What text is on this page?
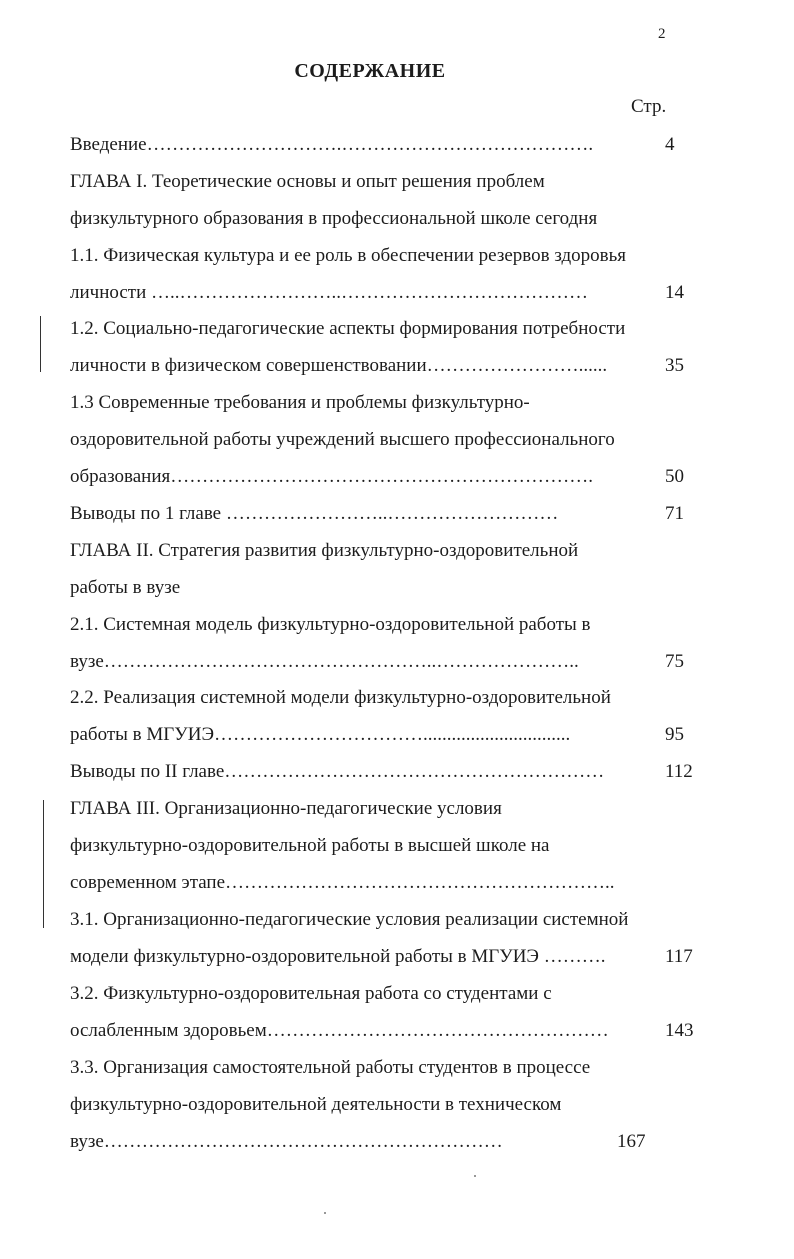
2
СОДЕРЖАНИЕ
Стр.
Введение………………………….………………………………….	4
ГЛАВА I. Теоретические основы и опыт решения проблем
физкультурного образования в профессиональной школе сегодня
1.1. Физическая культура и ее роль в обеспечении резервов здоровья
личности …..……………………..…………………………………	14
1.2. Социально-педагогические аспекты формирования потребности
личности в физическом совершенствовании……………………......	35
1.3 Современные требования и проблемы физкультурно-
оздоровительной работы учреждений высшего профессионального
образования………………………………………………………….	50
Выводы по 1 главе ……………………..………………………	71
ГЛАВА II. Стратегия развития физкультурно-оздоровительной
работы в вузе
2.1. Системная модель физкультурно-оздоровительной работы в
вузе……………………………………………..…………………..	75
2.2. Реализация системной модели физкультурно-оздоровительной
работы в МГУИЭ……………………………...............................	95
Выводы по II главе……………………………………………………	112
ГЛАВА III. Организационно-педагогические условия
физкультурно-оздоровительной работы в высшей школе на
современном этапе……………………………………………………..
3.1. Организационно-педагогические условия реализации системной
модели физкультурно-оздоровительной работы в МГУИЭ ……….	117
3.2. Физкультурно-оздоровительная работа со студентами с
ослабленным здоровьем………………………………………………	143
3.3. Организация самостоятельной работы студентов в процессе
физкультурно-оздоровительной деятельности в техническом
вузе………………………………………………………	167
